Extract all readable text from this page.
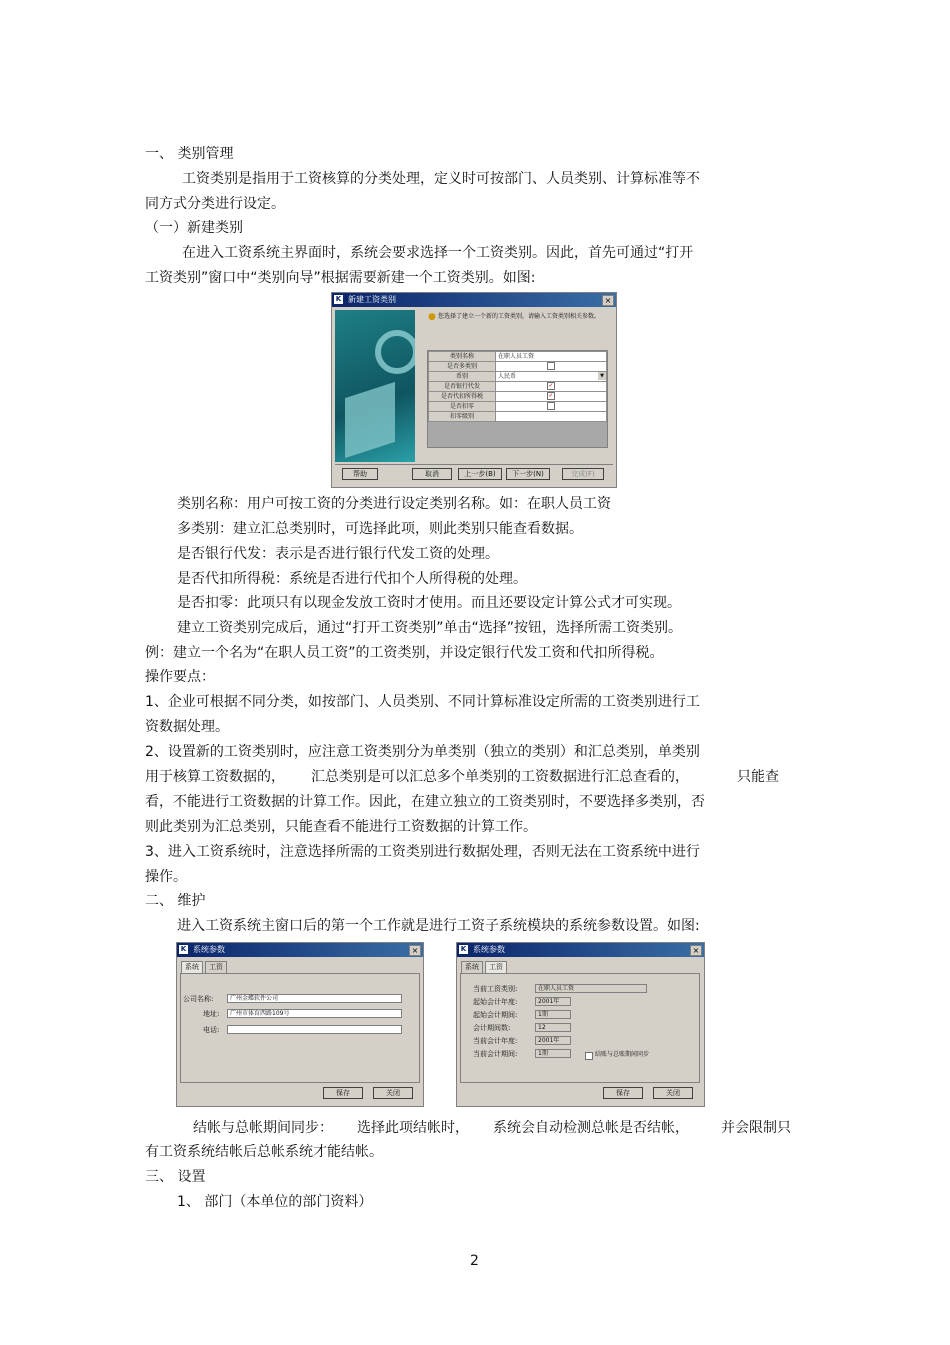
一、 类别管理
工资类别是指用于工资核算的分类处理，定义时可按部门、人员类别、计算标准等不
同方式分类进行设定。
（一）新建类别
在进入工资系统主界面时，系统会要求选择一个工资类别。因此，首先可通过“打开
工资类别”窗口中“类别向导”根据需要新建一个工资类别。如图:
K 新建工资类别	×
● 您选择了建立一个新的工资类别，请输入工资类别相关参数。
类别名称	在职人员工资
是否多类别	
币别	人民币 ▼

是否银行代发	✓
是否代扣所得税	✓
是否扣零	
扣零级别	
帮助	取消	上一步(B)	下一步(N)	完成(F)
类别名称：用户可按工资的分类进行设定类别名称。如：在职人员工资
多类别：建立汇总类别时，可选择此项，则此类别只能查看数据。
是否银行代发：表示是否进行银行代发工资的处理。
是否代扣所得税：系统是否进行代扣个人所得税的处理。
是否扣零：此项只有以现金发放工资时才使用。而且还要设定计算公式才可实现。
建立工资类别完成后，通过“打开工资类别”单击“选择”按钮，选择所需工资类别。
例：建立一个名为“在职人员工资”的工资类别，并设定银行代发工资和代扣所得税。
操作要点：
1、企业可根据不同分类，如按部门、人员类别、不同计算标准设定所需的工资类别进行工
资数据处理。
2、设置新的工资类别时，应注意工资类别分为单类别（独立的类别）和汇总类别，单类别
用于核算工资数据的， 汇总类别是可以汇总多个单类别的工资数据进行汇总查看的，	只能查
看，不能进行工资数据的计算工作。因此，在建立独立的工资类别时，不要选择多类别，否
则此类别为汇总类别，只能查看不能进行工资数据的计算工作。
3、进入工资系统时，注意选择所需的工资类别进行数据处理，否则无法在工资系统中进行
操作。
二、 维护
进入工资系统主窗口后的第一个工作就是进行工资子系统模块的系统参数设置。如图:
K 系统参数	×
系统	工资
公司名称:	广州金蝶软件公司
地址:	广州市体育西路109号
电话:
保存	关闭
K 系统参数	×
系统	工资
当前工资类别:	在职人员工资
起始会计年度:	2001年
起始会计期间:	1期
会计期间数:	12
当前会计年度:	2001年
当前会计期间:	1期	结账与总账期间同步
保存	关闭
结帐与总帐期间同步： 选择此项结帐时， 系统会自动检测总帐是否结帐， 并会限制只
有工资系统结帐后总帐系统才能结帐。
三、 设置
1、 部门（本单位的部门资料）
2
